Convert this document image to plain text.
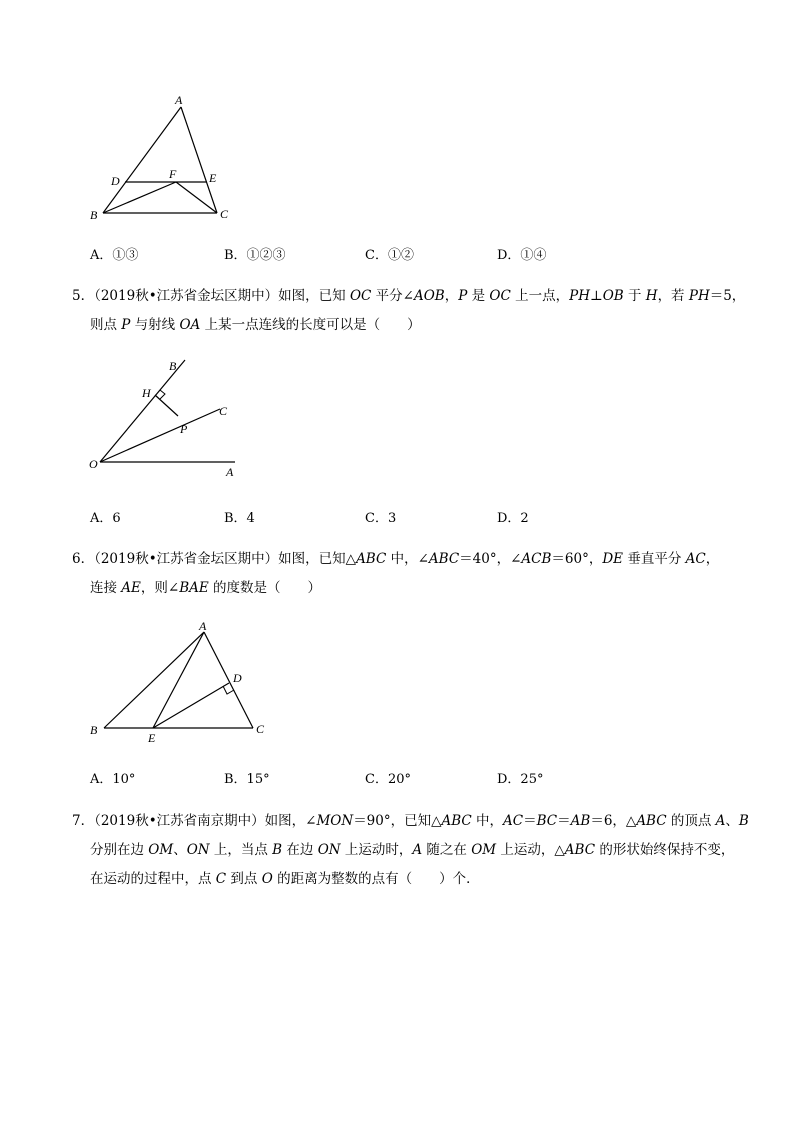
A
D	F	E
B	C
A．①③	B．①②③	C．①②	D．①④

5．（2019秋•江苏省金坛区期中）如图，已知 OC 平分∠AOB，P 是 OC 上一点，PH⊥OB 于 H，若 PH＝5，

则点 P 与射线 OA 上某一点连线的长度可以是（　　）

B
H
C
P
O
A
A．6	B．4	C．3	D．2

6．（2019秋•江苏省金坛区期中）如图，已知△ABC 中，∠ABC＝40°，∠ACB＝60°，DE 垂直平分 AC，

连接 AE，则∠BAE 的度数是（　　）

A
D
B
E
C
A．10°	B．15°	C．20°	D．25°

7．（2019秋•江苏省南京期中）如图，∠MON＝90°，已知△ABC 中，AC＝BC＝AB＝6，△ABC 的顶点 A、B

分别在边 OM、ON 上，当点 B 在边 ON 上运动时，A 随之在 OM 上运动，△ABC 的形状始终保持不变，

在运动的过程中，点 C 到点 O 的距离为整数的点有（　　）个．
